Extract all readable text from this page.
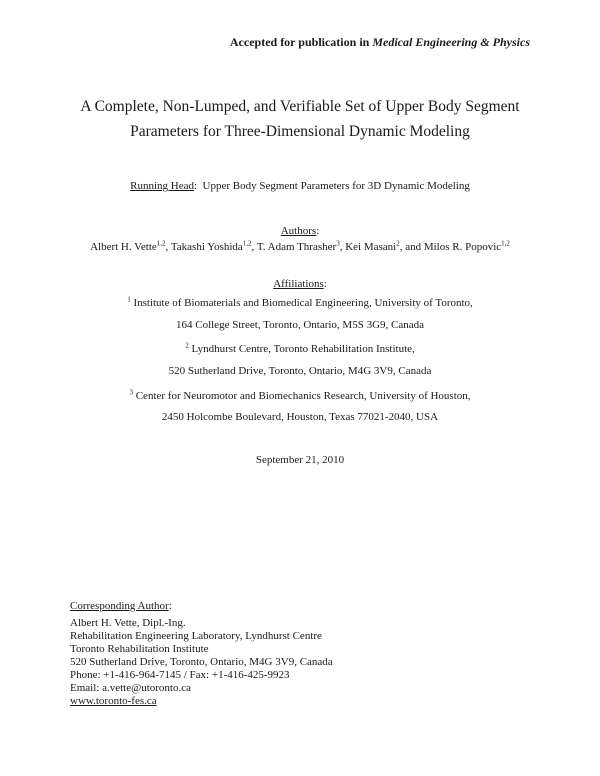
Accepted for publication in Medical Engineering & Physics
A Complete, Non-Lumped, and Verifiable Set of Upper Body Segment
Parameters for Three-Dimensional Dynamic Modeling
Running Head:  Upper Body Segment Parameters for 3D Dynamic Modeling
Authors:
Albert H. Vette$^{1,2}$, Takashi Yoshida$^{1,2}$, T. Adam Thrasher$^3$, Kei Masani$^2$, and Milos R. Popovic$^{1,2}$
Affiliations:
$^1$ Institute of Biomaterials and Biomedical Engineering, University of Toronto,
164 College Street, Toronto, Ontario, M5S 3G9, Canada
$^2$ Lyndhurst Centre, Toronto Rehabilitation Institute,
520 Sutherland Drive, Toronto, Ontario, M4G 3V9, Canada
$^3$ Center for Neuromotor and Biomechanics Research, University of Houston,
2450 Holcombe Boulevard, Houston, Texas 77021-2040, USA
September 21, 2010
Corresponding Author:
Albert H. Vette, Dipl.-Ing.
Rehabilitation Engineering Laboratory, Lyndhurst Centre
Toronto Rehabilitation Institute
520 Sutherland Drive, Toronto, Ontario, M4G 3V9, Canada
Phone: +1-416-964-7145 / Fax: +1-416-425-9923
Email: a.vette@utoronto.ca
www.toronto-fes.ca
